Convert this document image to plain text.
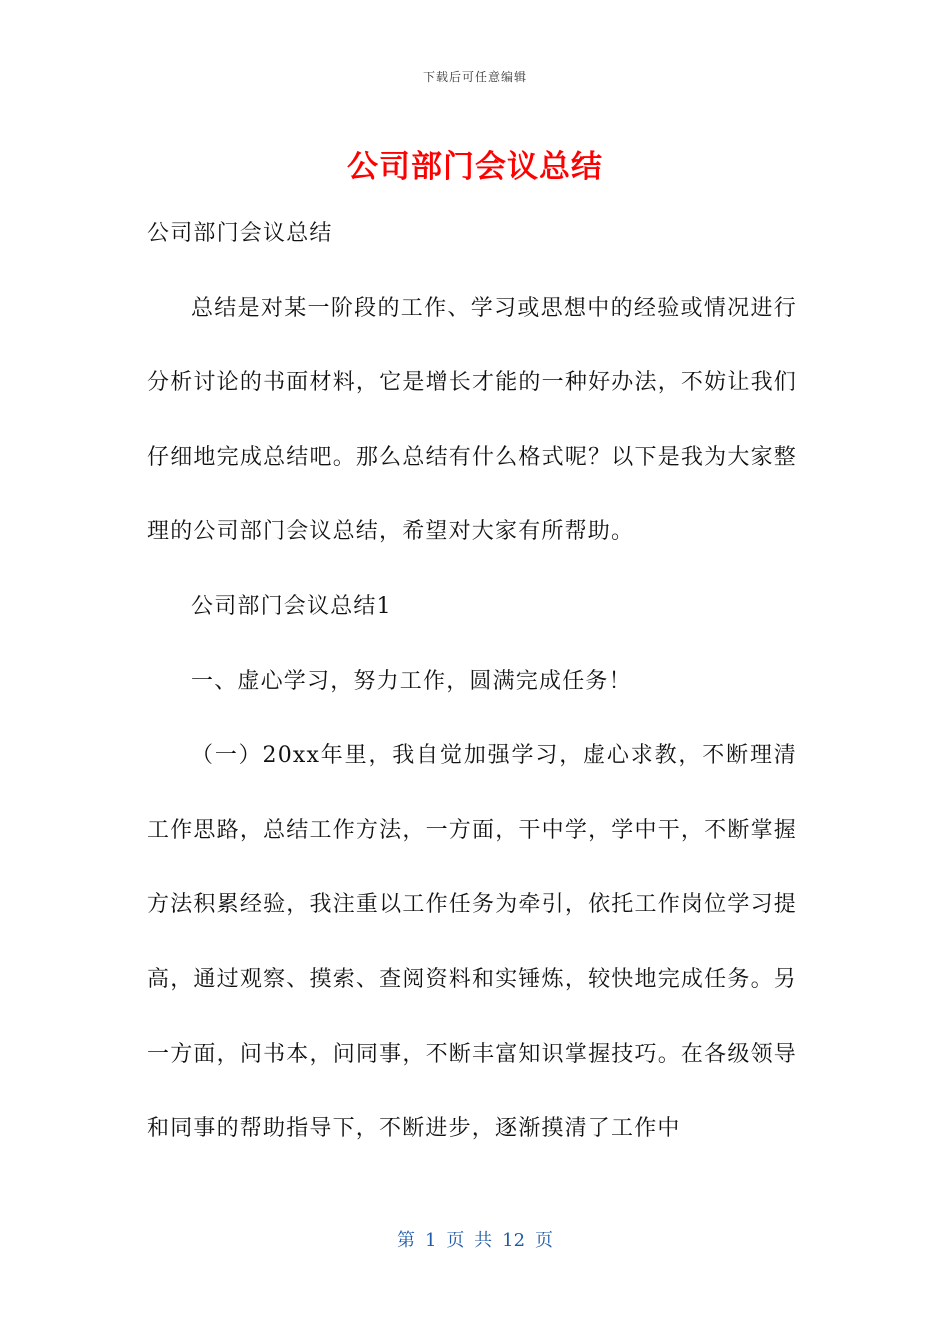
下载后可任意编辑
公司部门会议总结

公司部门会议总结

总结是对某一阶段的工作、学习或思想中的经验或情况进行分析讨论的书面材料，它是增长才能的一种好办法，不妨让我们仔细地完成总结吧。那么总结有什么格式呢？以下是我为大家整理的公司部门会议总结，希望对大家有所帮助。

公司部门会议总结1

一、虚心学习，努力工作，圆满完成任务！

（一）20xx年里，我自觉加强学习，虚心求教，不断理清工作思路，总结工作方法，一方面，干中学，学中干，不断掌握方法积累经验，我注重以工作任务为牵引，依托工作岗位学习提高，通过观察、摸索、查阅资料和实锤炼，较快地完成任务。另一方面，问书本，问同事，不断丰富知识掌握技巧。在各级领导和同事的帮助指导下，不断进步，逐渐摸清了工作中

第 1 页 共 12 页
